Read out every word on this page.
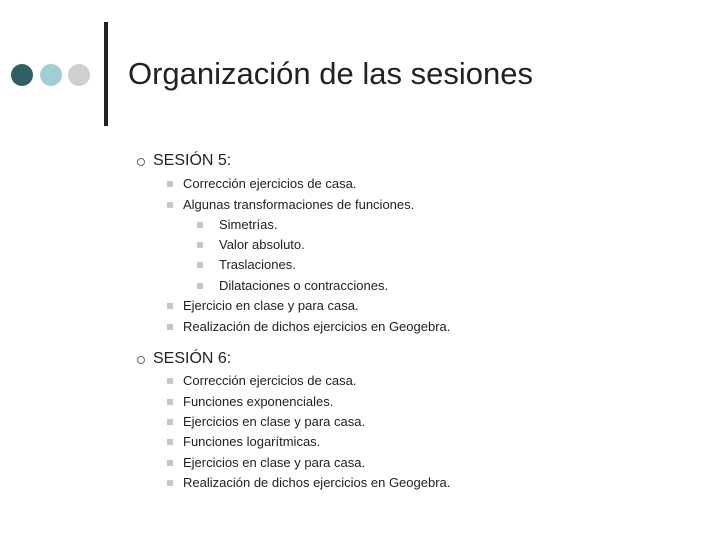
Organización de las sesiones
SESIÓN 5:
Corrección ejercicios de casa.
Algunas transformaciones de funciones.
Simetrías.
Valor absoluto.
Traslaciones.
Dilataciones o contracciones.
Ejercicio en clase y para casa.
Realización de dichos ejercicios en Geogebra.
SESIÓN 6:
Corrección ejercicios de casa.
Funciones exponenciales.
Ejercicios en clase y para casa.
Funciones logarítmicas.
Ejercicios en clase y para casa.
Realización de dichos ejercicios en Geogebra.
